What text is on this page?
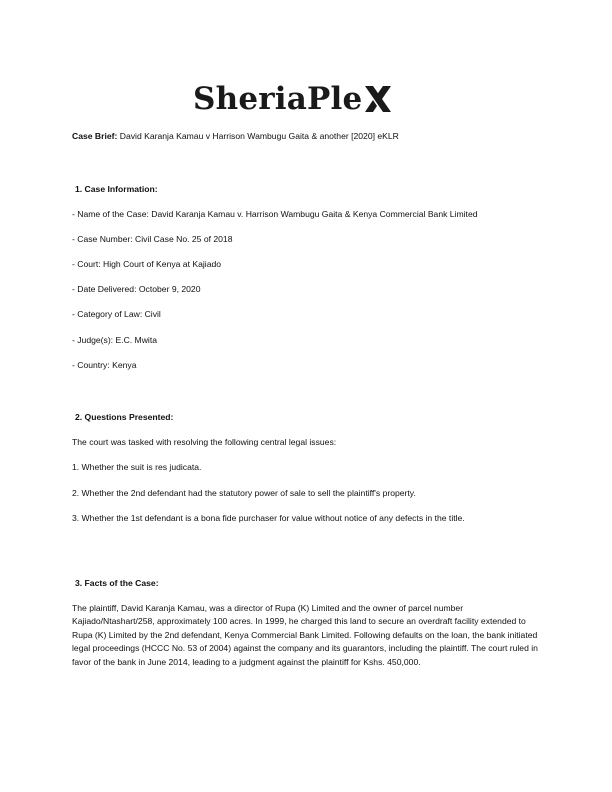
SheriaPle
Case Brief: David Karanja Kamau v Harrison Wambugu Gaita & another [2020] eKLR
1. Case Information:
- Name of the Case: David Karanja Kamau v. Harrison Wambugu Gaita & Kenya Commercial Bank Limited
- Case Number: Civil Case No. 25 of 2018
- Court: High Court of Kenya at Kajiado
- Date Delivered: October 9, 2020
- Category of Law: Civil
- Judge(s): E.C. Mwita
- Country: Kenya
2. Questions Presented:
The court was tasked with resolving the following central legal issues:
1. Whether the suit is res judicata.
2. Whether the 2nd defendant had the statutory power of sale to sell the plaintiff's property.
3. Whether the 1st defendant is a bona fide purchaser for value without notice of any defects in the title.
3. Facts of the Case:
The plaintiff, David Karanja Kamau, was a director of Rupa (K) Limited and the owner of parcel number Kajiado/Ntashart/258, approximately 100 acres. In 1999, he charged this land to secure an overdraft facility extended to Rupa (K) Limited by the 2nd defendant, Kenya Commercial Bank Limited. Following defaults on the loan, the bank initiated legal proceedings (HCCC No. 53 of 2004) against the company and its guarantors, including the plaintiff. The court ruled in favor of the bank in June 2014, leading to a judgment against the plaintiff for Kshs. 450,000.
